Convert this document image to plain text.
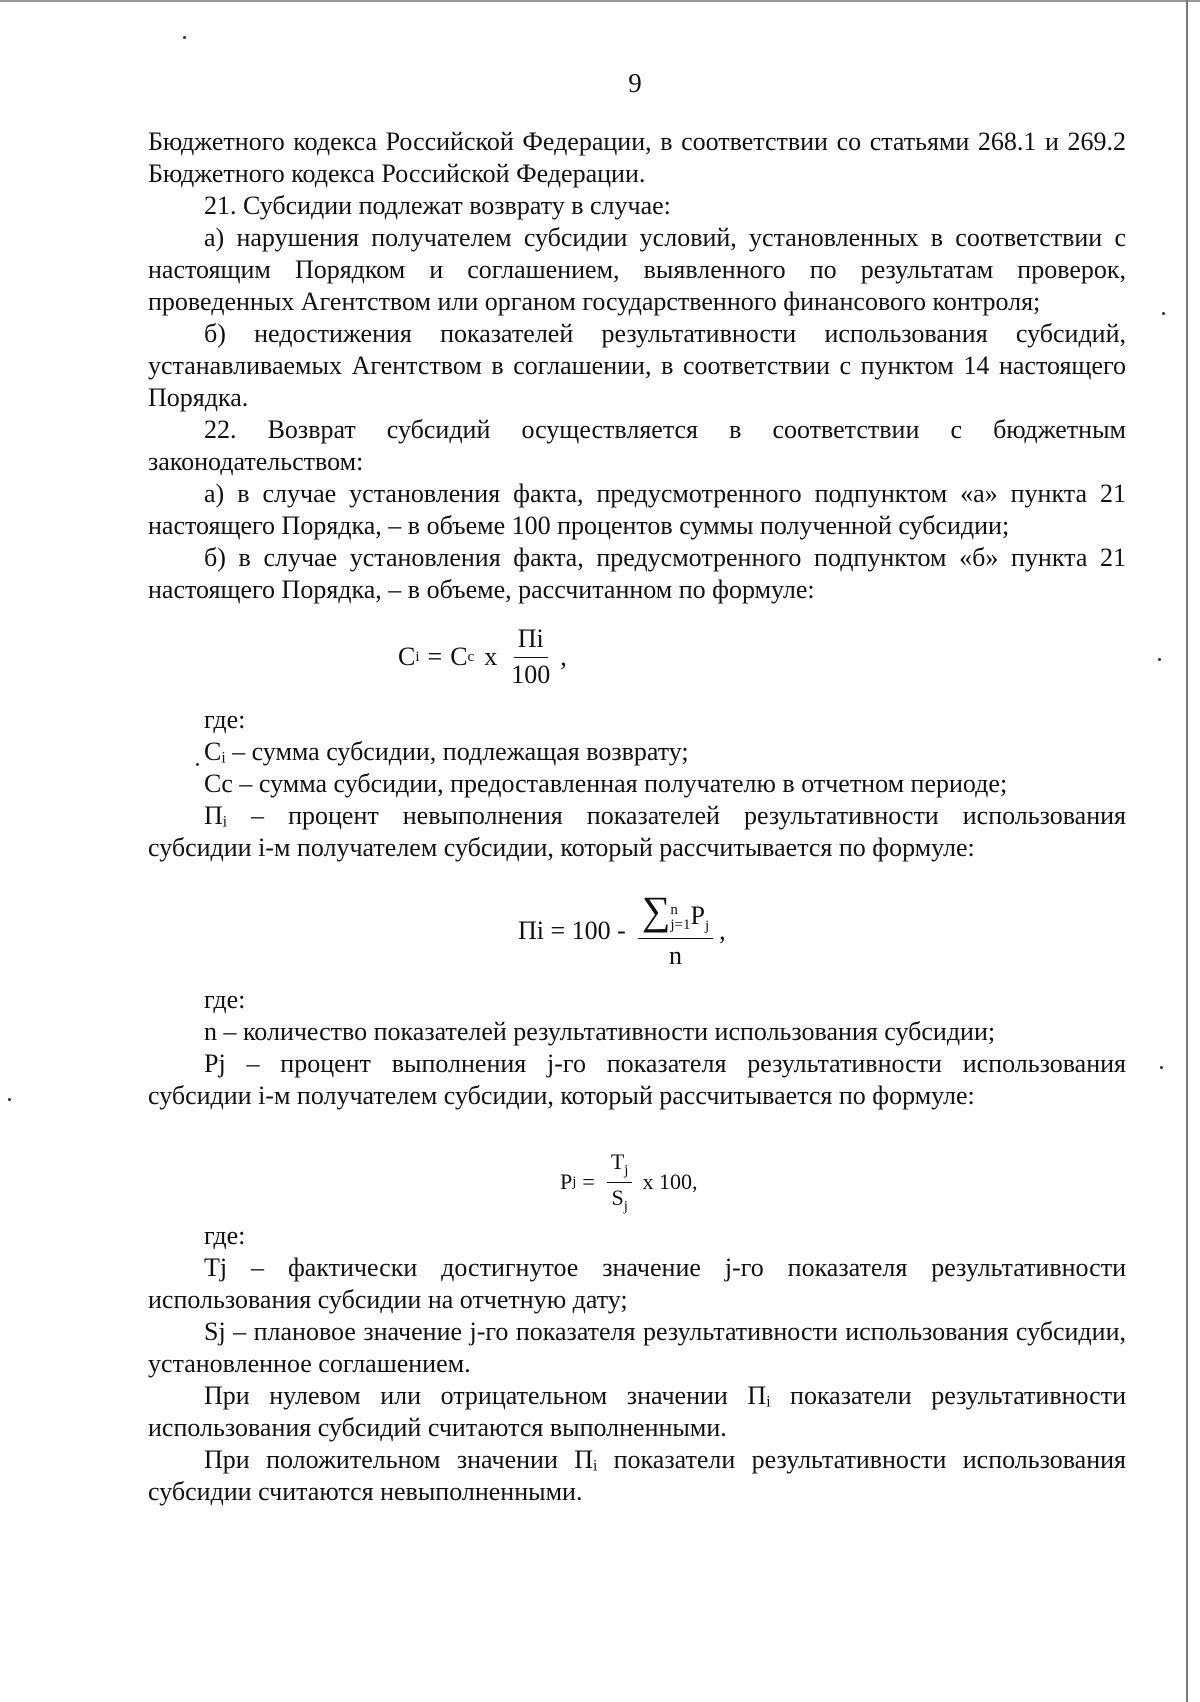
9

Бюджетного кодекса Российской Федерации, в соответствии со статьями 268.1 и 269.2 Бюджетного кодекса Российской Федерации.

21. Субсидии подлежат возврату в случае:

а) нарушения получателем субсидии условий, установленных в соответствии с настоящим Порядком и соглашением, выявленного по результатам проверок, проведенных Агентством или органом государственного финансового контроля;

б) недостижения показателей результативности использования субсидий, устанавливаемых Агентством в соглашении, в соответствии с пунктом 14 настоящего Порядка.

22. Возврат субсидий осуществляется в соответствии с бюджетным законодательством:

а) в случае установления факта, предусмотренного подпунктом «а» пункта 21 настоящего Порядка, – в объеме 100 процентов суммы полученной субсидии;

б) в случае установления факта, предусмотренного подпунктом «б» пункта 21 настоящего Порядка, – в объеме, рассчитанном по формуле:

C i = C c x $\frac{Пi}{100}$ ,

где:

Cᵢ – сумма субсидии, подлежащая возврату;

Cс – сумма субсидии, предоставленная получателю в отчетном периоде;

Пᵢ – процент невыполнения показателей результативности использования субсидии i-м получателем субсидии, который рассчитывается по формуле:

Пi = 100 - ∑ n
j=1 $P_j$
n ,

где:

n – количество показателей результативности использования субсидии;

Pj – процент выполнения j-го показателя результативности использования субсидии i-м получателем субсидии, который рассчитывается по формуле:

P $j = \frac{T_j}{S_j}$ x 100 ,

где:

Tj – фактически достигнутое значение j-го показателя результативности использования субсидии на отчетную дату;

Sj – плановое значение j-го показателя результативности использования субсидии, установленное соглашением.

При нулевом или отрицательном значении Пᵢ показатели результативности использования субсидий считаются выполненными.

При положительном значении Пᵢ показатели результативности использования субсидии считаются невыполненными.
